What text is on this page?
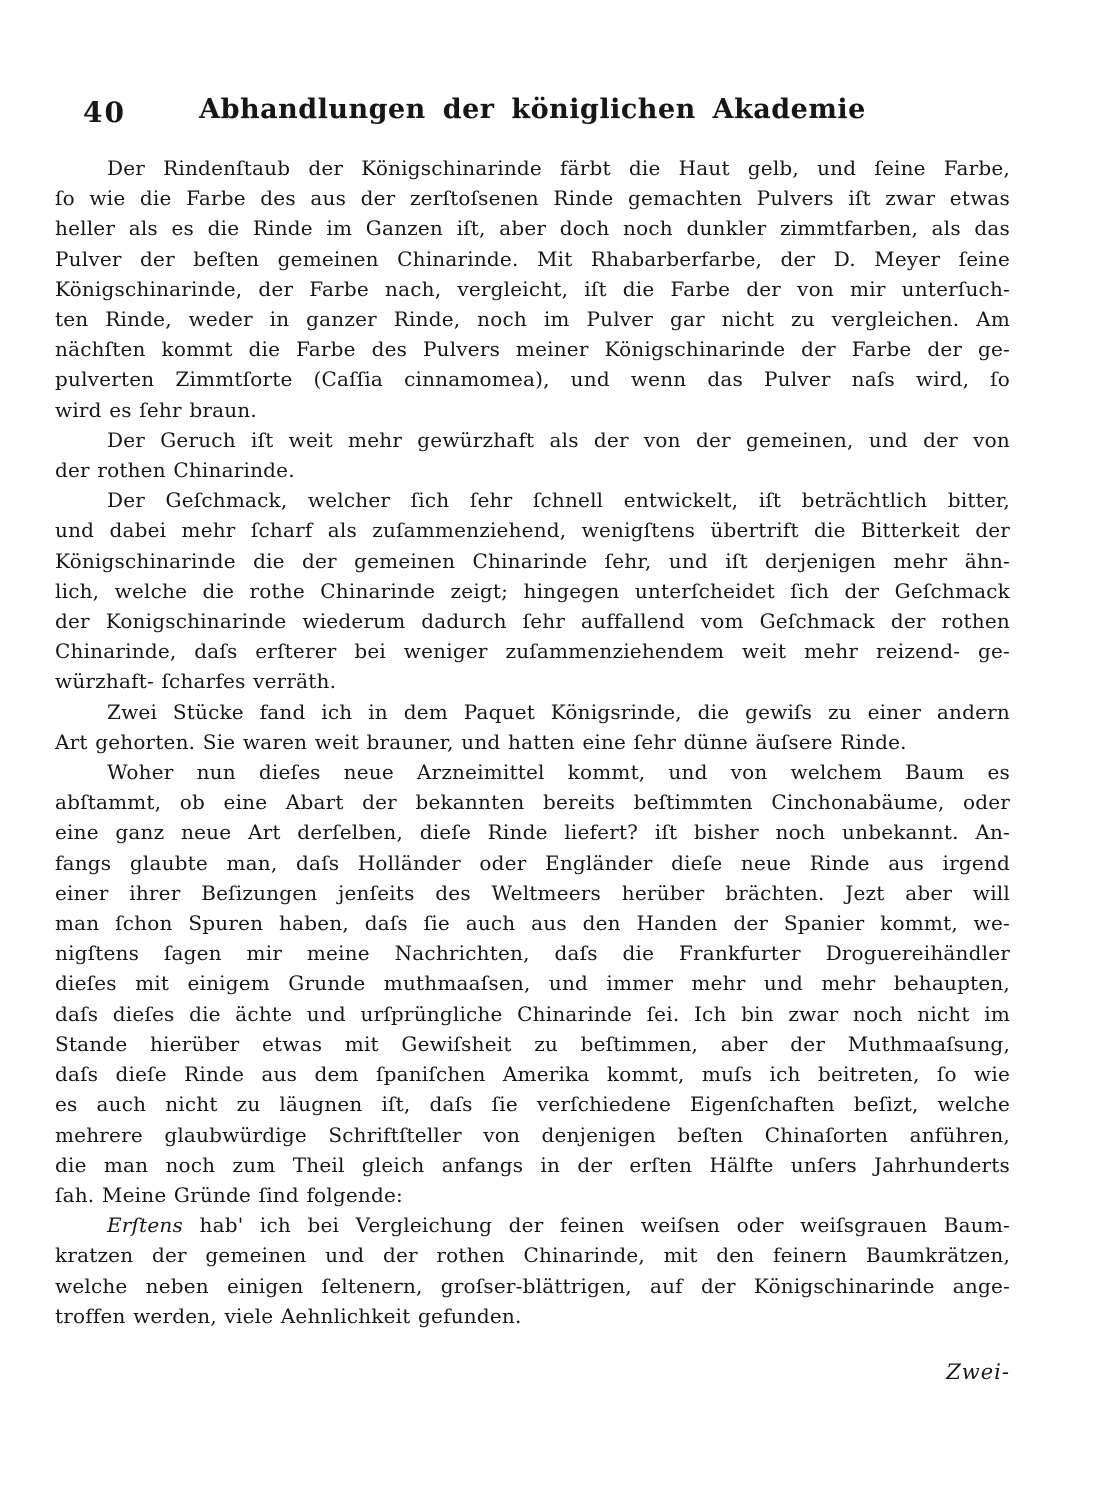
40	Abhandlungen der königlichen Akademie
Der Rindenſtaub der Königschinarinde färbt die Haut gelb, und ſeine Farbe,
ſo wie die Farbe des aus der zerſtoſsenen Rinde gemachten Pulvers iſt zwar etwas
heller als es die Rinde im Ganzen iſt, aber doch noch dunkler zimmtfarben, als das
Pulver der beſten gemeinen Chinarinde. Mit Rhabarberfarbe, der D. Meyer ſeine
Königschinarinde, der Farbe nach, vergleicht, iſt die Farbe der von mir unterſuch-
ten Rinde, weder in ganzer Rinde, noch im Pulver gar nicht zu vergleichen. Am
nächſten kommt die Farbe des Pulvers meiner Königschinarinde der Farbe der ge-
pulverten Zimmtſorte (Caſſia cinnamomea), und wenn das Pulver naſs wird, ſo
wird es ſehr braun.
Der Geruch iſt weit mehr gewürzhaft als der von der gemeinen, und der von
der rothen Chinarinde.
Der Geſchmack, welcher ſich ſehr ſchnell entwickelt, iſt beträchtlich bitter,
und dabei mehr ſcharf als zuſammenziehend, wenigſtens übertrift die Bitterkeit der
Königschinarinde die der gemeinen Chinarinde ſehr, und iſt derjenigen mehr ähn-
lich, welche die rothe Chinarinde zeigt; hingegen unterſcheidet ſich der Geſchmack
der Konigschinarinde wiederum dadurch ſehr auffallend vom Geſchmack der rothen
Chinarinde, daſs erſterer bei weniger zuſammenziehendem weit mehr reizend- ge-
würzhaft- ſcharfes verräth.
Zwei Stücke fand ich in dem Paquet Königsrinde, die gewiſs zu einer andern
Art gehorten. Sie waren weit brauner, und hatten eine ſehr dünne äuſsere Rinde.
Woher nun dieſes neue Arzneimittel kommt, und von welchem Baum es
abſtammt, ob eine Abart der bekannten bereits beſtimmten Cinchonabäume, oder
eine ganz neue Art derſelben, dieſe Rinde liefert? iſt bisher noch unbekannt. An-
fangs glaubte man, daſs Holländer oder Engländer dieſe neue Rinde aus irgend
einer ihrer Beſizungen jenſeits des Weltmeers herüber brächten. Jezt aber will
man ſchon Spuren haben, daſs ſie auch aus den Handen der Spanier kommt, we-
nigſtens ſagen mir meine Nachrichten, daſs die Frankfurter Droguereihändler
dieſes mit einigem Grunde muthmaaſsen, und immer mehr und mehr behaupten,
daſs dieſes die ächte und urſprüngliche Chinarinde ſei. Ich bin zwar noch nicht im
Stande hierüber etwas mit Gewiſsheit zu beſtimmen, aber der Muthmaaſsung,
daſs dieſe Rinde aus dem ſpaniſchen Amerika kommt, muſs ich beitreten, ſo wie
es auch nicht zu läugnen iſt, daſs ſie verſchiedene Eigenſchaften beſizt, welche
mehrere glaubwürdige Schriftſteller von denjenigen beſten Chinaſorten anführen,
die man noch zum Theil gleich anfangs in der erſten Hälfte unſers Jahrhunderts
ſah. Meine Gründe ſind folgende:
Erſtens hab' ich bei Vergleichung der feinen weiſsen oder weiſsgrauen Baum-
kratzen der gemeinen und der rothen Chinarinde, mit den feinern Baumkrätzen,
welche neben einigen ſeltenern, groſser-blättrigen, auf der Königschinarinde ange-
troffen werden, viele Aehnlichkeit gefunden.
Zwei-
